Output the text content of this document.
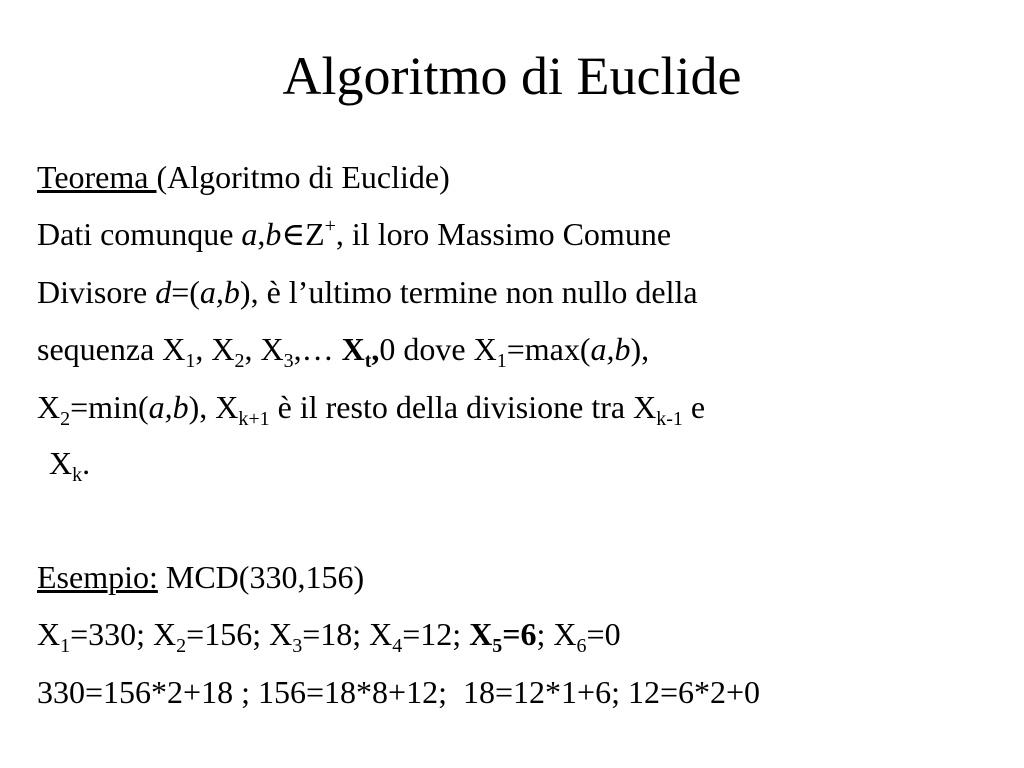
Algoritmo di Euclide
Teorema (Algoritmo di Euclide)
Dati comunque a,b∈Z+, il loro Massimo Comune
Divisore d=(a,b), è l’ultimo termine non nullo della
sequenza $X_1$, $X_2$, $X_3,\dots$ $X_t,0$ dove $X_1=\max(a,b)$,
$X_2=\min(a,b)$, $X_{k+1}$ è il resto della divisione tra $X_{k-1}$ e
$X_k$.
Esempio: MCD(330,156)
$X_1=330$; $X_2=156$; $X_3=18$; $X_4=12$; $X_5=6$; $X_6=0$
330=156*2+18 ; 156=18*8+12;  18=12*1+6; 12=6*2+0
